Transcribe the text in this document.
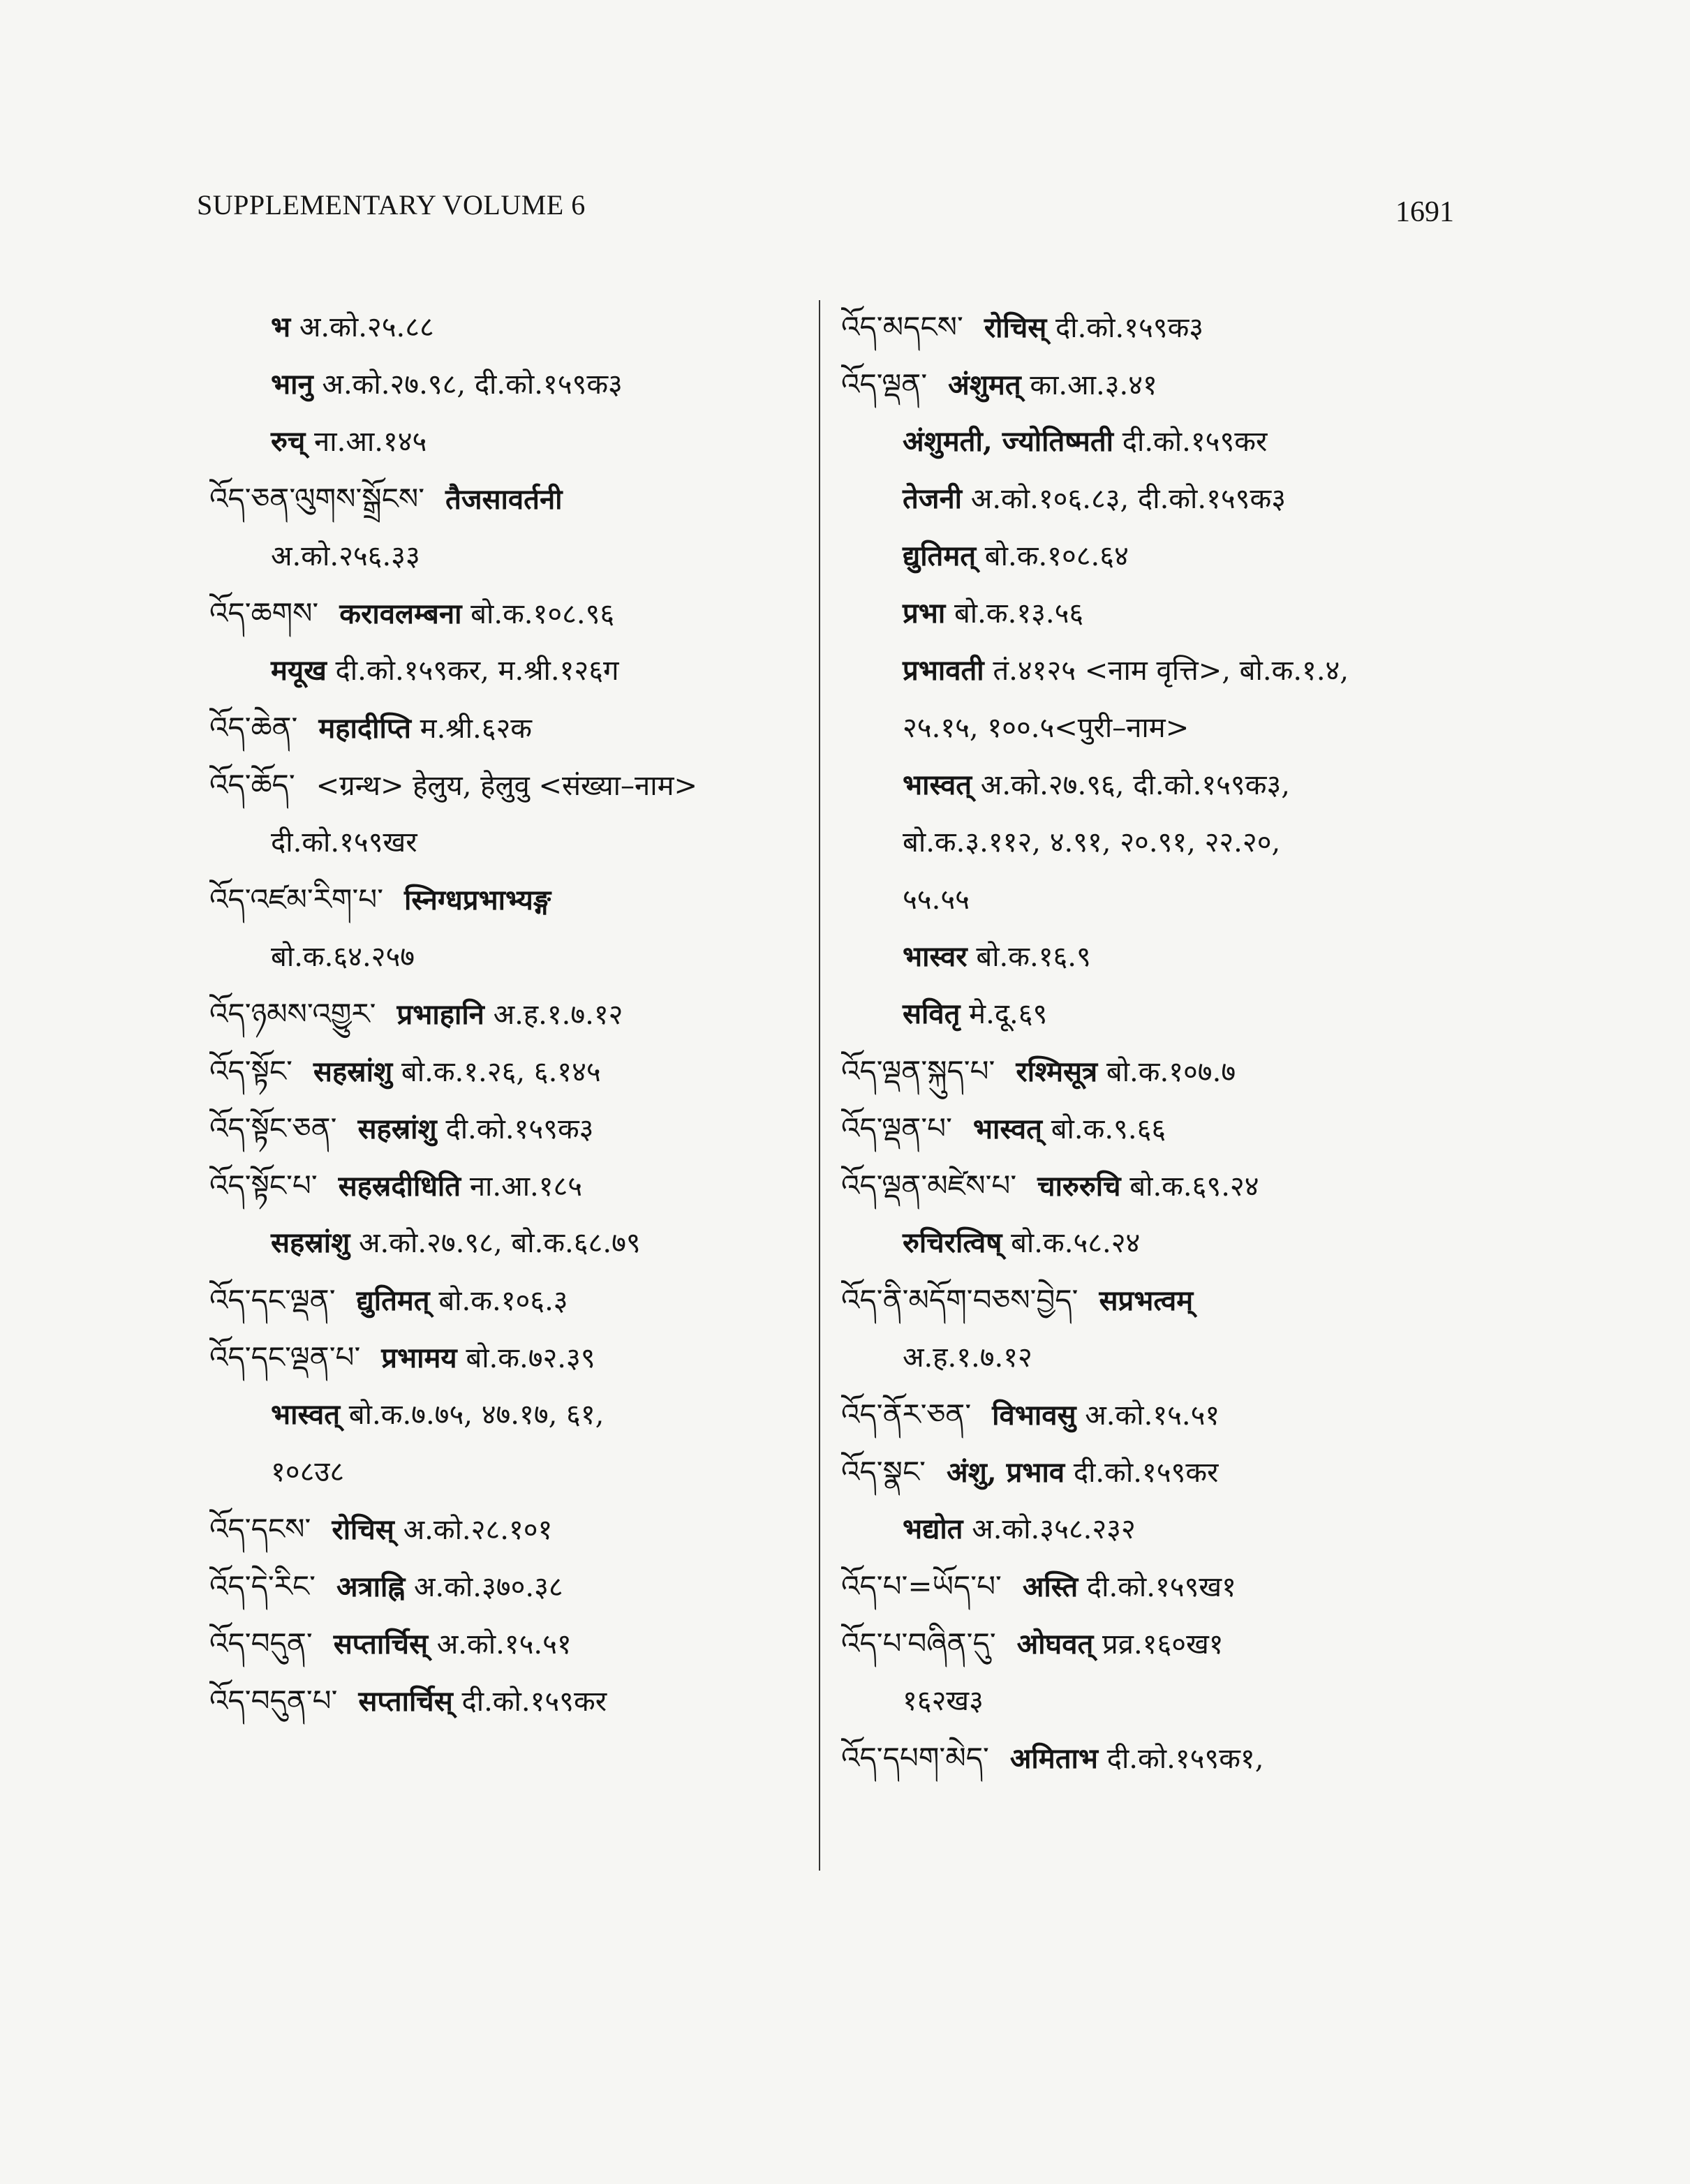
SUPPLEMENTARY VOLUME 6	1691
भ अ.को.२५.८८
भानु अ.को.२७.९८, दी.को.१५९क३
रुच् ना.आ.१४५
འོད་ཅན་ལུགས་སྒྲོངས་ तैजसावर्तनी
अ.को.२५६.३३
འོད་ཆགས་ करावलम्बना बो.क.१०८.९६
मयूख दी.को.१५९कर, म.श्री.१२६ग
འོད་ཆེན་ महादीप्ति म.श्री.६२क
འོད་ཆོད་ <ग्रन्थ> हेलुय, हेलुवु <संख्या–नाम>
दी.को.१५९खर
འོད་འཛམ་རིག་པ་ स्निग्धप्रभाभ्यङ्ग
बो.क.६४.२५७
འོད་ཉམས་འགྱུར་ प्रभाहानि अ.ह.१.७.१२
འོད་སྟོང་ सहस्रांशु बो.क.१.२६, ६.१४५
འོད་སྟོང་ཅན་ सहस्रांशु दी.को.१५९क३
འོད་སྟོང་པ་ सहस्रदीधिति ना.आ.१८५
सहस्रांशु अ.को.२७.९८, बो.क.६८.७९
འོད་དང་ལྡན་ द्युतिमत् बो.क.१०६.३
འོད་དང་ལྡན་པ་ प्रभामय बो.क.७२.३९
भास्वत् बो.क.७.७५, ४७.१७, ६१,
१०८उ८
འོད་དངས་ रोचिस् अ.को.२८.१०१
འོད་དེ་རིང་ अत्राह्नि अ.को.३७०.३८
འོད་བདུན་ सप्तार्चिस् अ.को.१५.५१
འོད་བདུན་པ་ सप्तार्चिस् दी.को.१५९कर
འོད་མདངས་ रोचिस् दी.को.१५९क३
འོད་ལྡན་ अंशुमत् का.आ.३.४१
अंशुमती, ज्योतिष्मती दी.को.१५९कर
तेजनी अ.को.१०६.८३, दी.को.१५९क३
द्युतिमत् बो.क.१०८.६४
प्रभा बो.क.१३.५६
प्रभावती तं.४१२५ <नाम वृत्ति>, बो.क.१.४,
२५.१५, १००.५<पुरी–नाम>
भास्वत् अ.को.२७.९६, दी.को.१५९क३,
बो.क.३.११२, ४.९१, २०.९१, २२.२०,
५५.५५
भास्वर बो.क.१६.९
सवितृ मे.दू.६९
འོད་ལྡན་སྐུད་པ་ रश्मिसूत्र बो.क.१०७.७
འོད་ལྡན་པ་ भास्वत् बो.क.९.६६
འོད་ལྡན་མཛེས་པ་ चारुरुचि बो.क.६९.२४
रुचिरत्विष् बो.क.५८.२४
འོད་ནི་མདོག་བཅས་བྱེད་ सप्रभत्वम्
अ.ह.१.७.१२
འོད་ནོར་ཅན་ विभावसु अ.को.१५.५१
འོད་སྣང་ अंशु, प्रभाव दी.को.१५९कर
भद्योत अ.को.३५८.२३२
འོད་པ་=ཡོད་པ་ अस्ति दी.को.१५९ख१
འོད་པ་བཞིན་དུ་ ओघवत् प्रव्र.१६०ख१
१६२ख३
འོད་དཔག་མེད་ अमिताभ दी.को.१५९क१,
